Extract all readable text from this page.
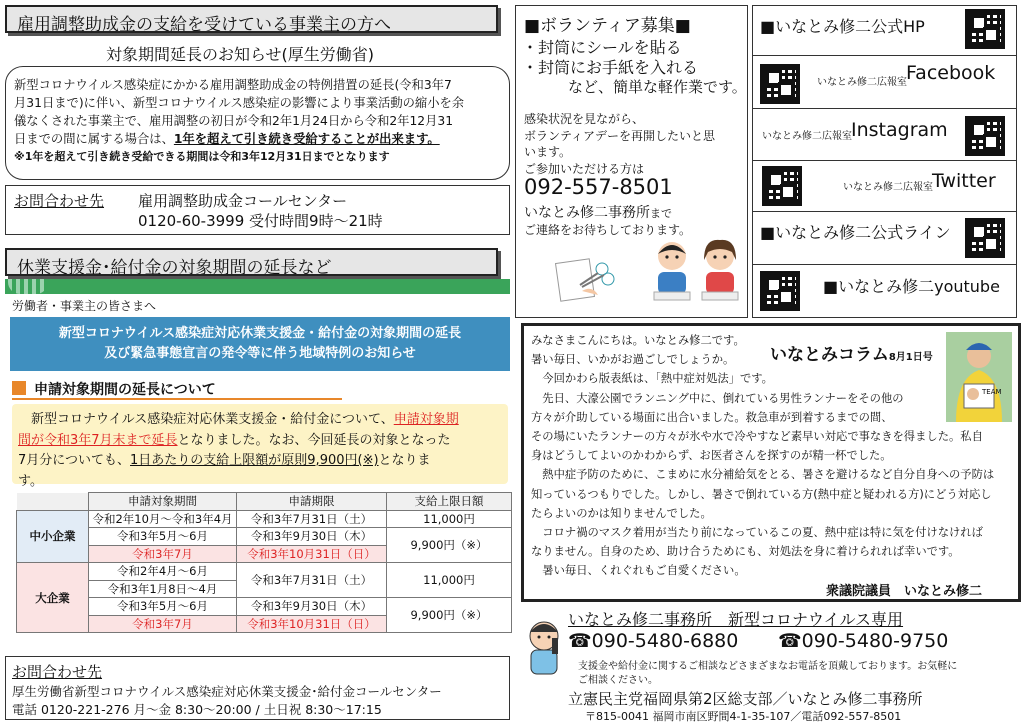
雇用調整助成金の支給を受けている事業主の方へ
対象期間延長のお知らせ(厚生労働省)
新型コロナウイルス感染症にかかる雇用調整助成金の特例措置の延長(令和3年7
月31日まで)に伴い、新型コロナウイルス感染症の影響により事業活動の縮小を余
儀なくされた事業主で、雇用調整の初日が令和2年1月24日から令和2年12月31
日までの間に属する場合は、1年を超えて引き続き受給することが出来ます。
※1年を超えて引き続き受給できる期間は令和3年12月31日までとなります
お問合わせ先 雇用調整助成金コールセンター
0120-60-3999 受付時間9時～21時
休業支援金･給付金の対象期間の延長など
労働者・事業主の皆さまへ
新型コロナウイルス感染症対応休業支援金・給付金の対象期間の延長
及び緊急事態宣言の発令等に伴う地域特例のお知らせ
申請対象期間の延長について
　新型コロナウイルス感染症対応休業支援金・給付金について、申請対象期
間が令和3年7月末まで延長となりました。なお、今回延長の対象となった
7月分についても、1日あたりの支給上限額が原則9,900円(※)となりま
す。
	申請対象期間	申請期限	支給上限日額
中小企業	令和2年10月～令和3年4月	令和3年7月31日（土）	11,000円
	令和3年5月～6月	令和3年9月30日（木）	9,900円（※）
	令和3年7月	令和3年10月31日（日）	
大企業	令和2年4月～6月	令和3年7月31日（土）	11,000円
	令和3年1月8日～4月		
	令和3年5月～6月	令和3年9月30日（木）	9,900円（※）
	令和3年7月	令和3年10月31日（日）	
お問合わせ先
厚生労働省新型コロナウイルス感染症対応休業支援金･給付金コールセンター
電話 0120-221-276 月～金 8:30～20:00 / 土日祝 8:30～17:15
■ボランティア募集■
・封筒にシールを貼る
・封筒にお手紙を入れる
など、簡単な軽作業です。
感染状況を見ながら、
ボランティアデーを再開したいと思
います。
ご参加いただける方は
092-557-8501
いなとみ修二事務所まで
ご連絡をお待ちしております。
■いなとみ修二公式HP
いなとみ修二広報室 Facebook
いなとみ修二広報室 Instagram
いなとみ修二広報室 Twitter
■いなとみ修二公式ライン
■いなとみ修二youtube
いなとみコラム8月1日号
TEAM
みなさまこんにちは。いなとみ修二です。
暑い毎日、いかがお過ごしでしょうか。
　今回かわら版表紙は、「熱中症対処法」です。
　先日、大濠公園でランニング中に、倒れている男性ランナーをその他の
方々が介助している場面に出合いました。救急車が到着するまでの間、
その場にいたランナーの方々が氷や水で冷やすなど素早い対応で事なきを得ました。私自
身はどうしてよいのかわからず、お医者さんを探すのが精一杯でした。
　熱中症予防のために、こまめに水分補給気をとる、暑さを避けるなど自分自身への予防は
知っているつもりでした。しかし、暑さで倒れている方(熱中症と疑われる方)にどう対応し
たらよいのかは知りませんでした。
　コロナ禍のマスク着用が当たり前になっているこの夏、熱中症は特に気を付けなければ
なりません。自身のため、助け合うためにも、対処法を身に着けられれば幸いです。
　暑い毎日、くれぐれもご自愛ください。
衆議院議員　いなとみ修二
いなとみ修二事務所　新型コロナウイルス専用
☎090-5480-6880 ☎090-5480-9750
支援金や給付金に関するご相談などさまざまなお電話を頂戴しております。お気軽に
ご相談ください。
立憲民主党福岡県第2区総支部／いなとみ修二事務所
〒815-0041 福岡市南区野間4-1-35-107／電話092-557-8501
